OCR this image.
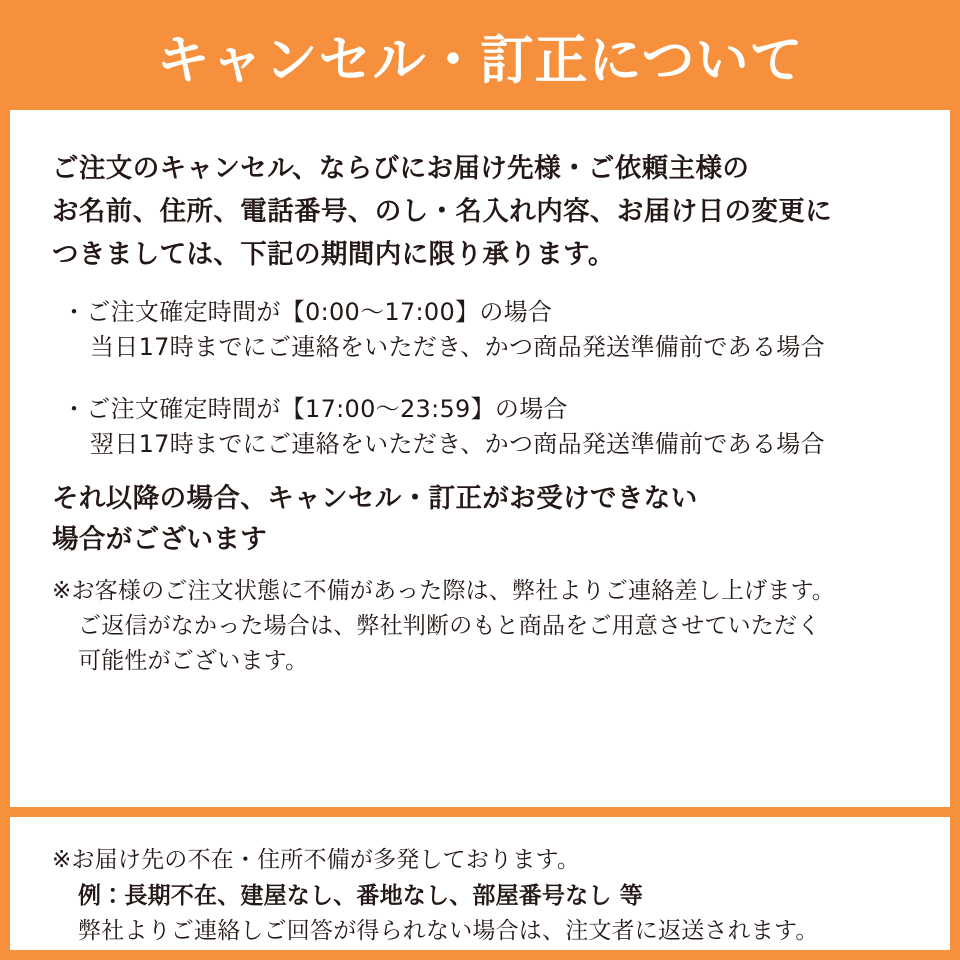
キャンセル・訂正について
ご注文のキャンセル、ならびにお届け先様・ご依頼主様の
お名前、住所、電話番号、のし・名入れ内容、お届け日の変更に
つきましては、下記の期間内に限り承ります。
・ご注文確定時間が【0:00〜17:00】の場合
当日17時までにご連絡をいただき、かつ商品発送準備前である場合
・ご注文確定時間が【17:00〜23:59】の場合
翌日17時までにご連絡をいただき、かつ商品発送準備前である場合
それ以降の場合、キャンセル・訂正がお受けできない
場合がございます
※お客様のご注文状態に不備があった際は、弊社よりご連絡差し上げます。
ご返信がなかった場合は、弊社判断のもと商品をご用意させていただく
可能性がございます。
※お届け先の不在・住所不備が多発しております。
例：長期不在、建屋なし、番地なし、部屋番号なし 等
弊社よりご連絡しご回答が得られない場合は、注文者に返送されます。
